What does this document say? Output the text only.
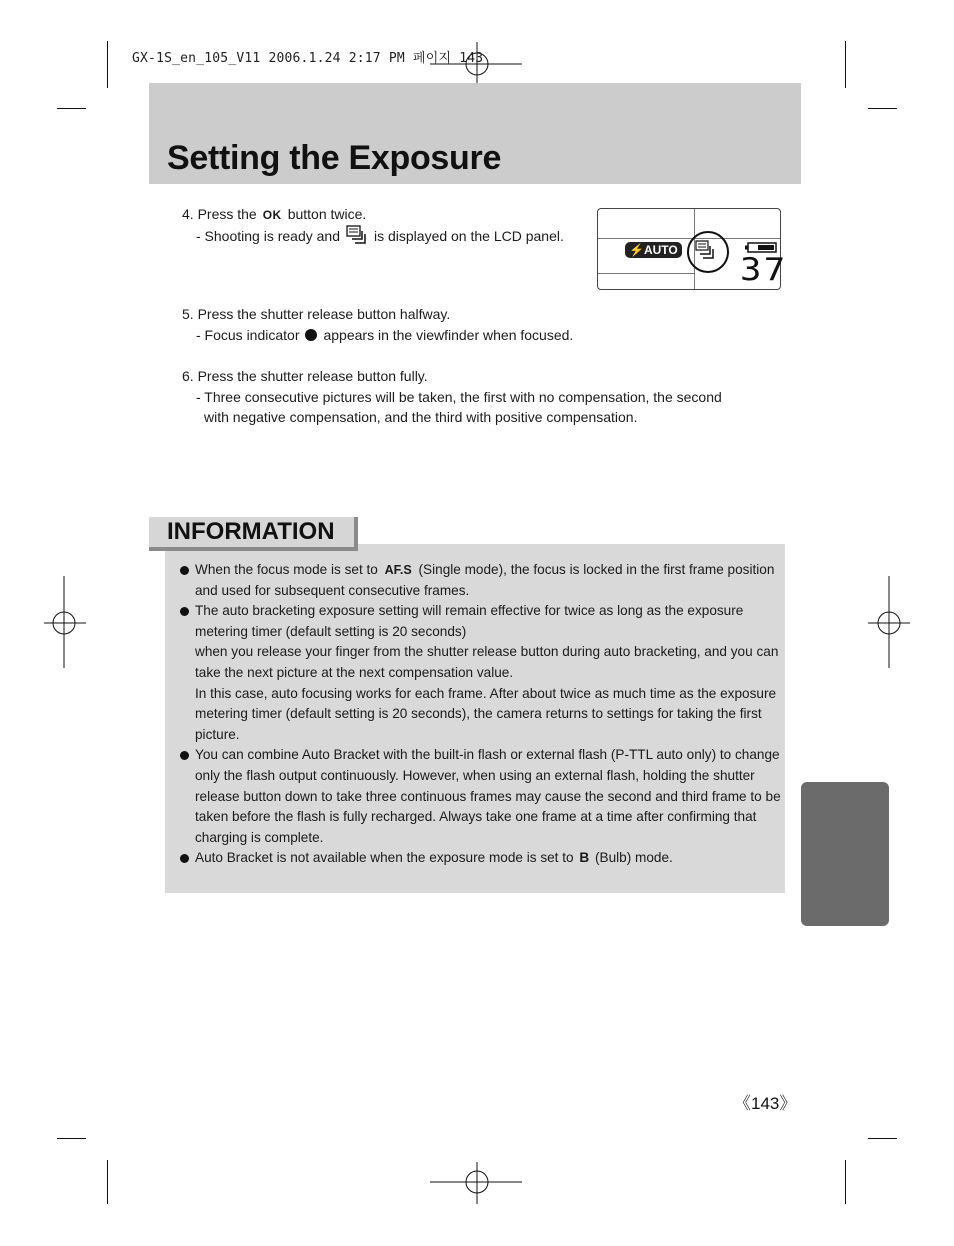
GX-1S_en_105_V11 2006.1.24 2:17 PM 페이지 143
Setting the Exposure
4. Press the OK button twice.
- Shooting is ready and is displayed on the LCD panel.
⚡AUTO
37
5. Press the shutter release button halfway.
- Focus indicator appears in the viewfinder when focused.
6. Press the shutter release button fully.
- Three consecutive pictures will be taken, the first with no compensation, the second
with negative compensation, and the third with positive compensation.
When the focus mode is set to AF.S (Single mode), the focus is locked in the first frame position
and used for subsequent consecutive frames.
The auto bracketing exposure setting will remain effective for twice as long as the exposure
metering timer (default setting is 20 seconds)
when you release your finger from the shutter release button during auto bracketing, and you can
take the next picture at the next compensation value.
In this case, auto focusing works for each frame. After about twice as much time as the exposure
metering timer (default setting is 20 seconds), the camera returns to settings for taking the first
picture.
You can combine Auto Bracket with the built-in flash or external flash (P-TTL auto only) to change
only the flash output continuously. However, when using an external flash, holding the shutter
release button down to take three continuous frames may cause the second and third frame to be
taken before the flash is fully recharged. Always take one frame at a time after confirming that
charging is complete.
Auto Bracket is not available when the exposure mode is set to B (Bulb) mode.
INFORMATION
《143》
